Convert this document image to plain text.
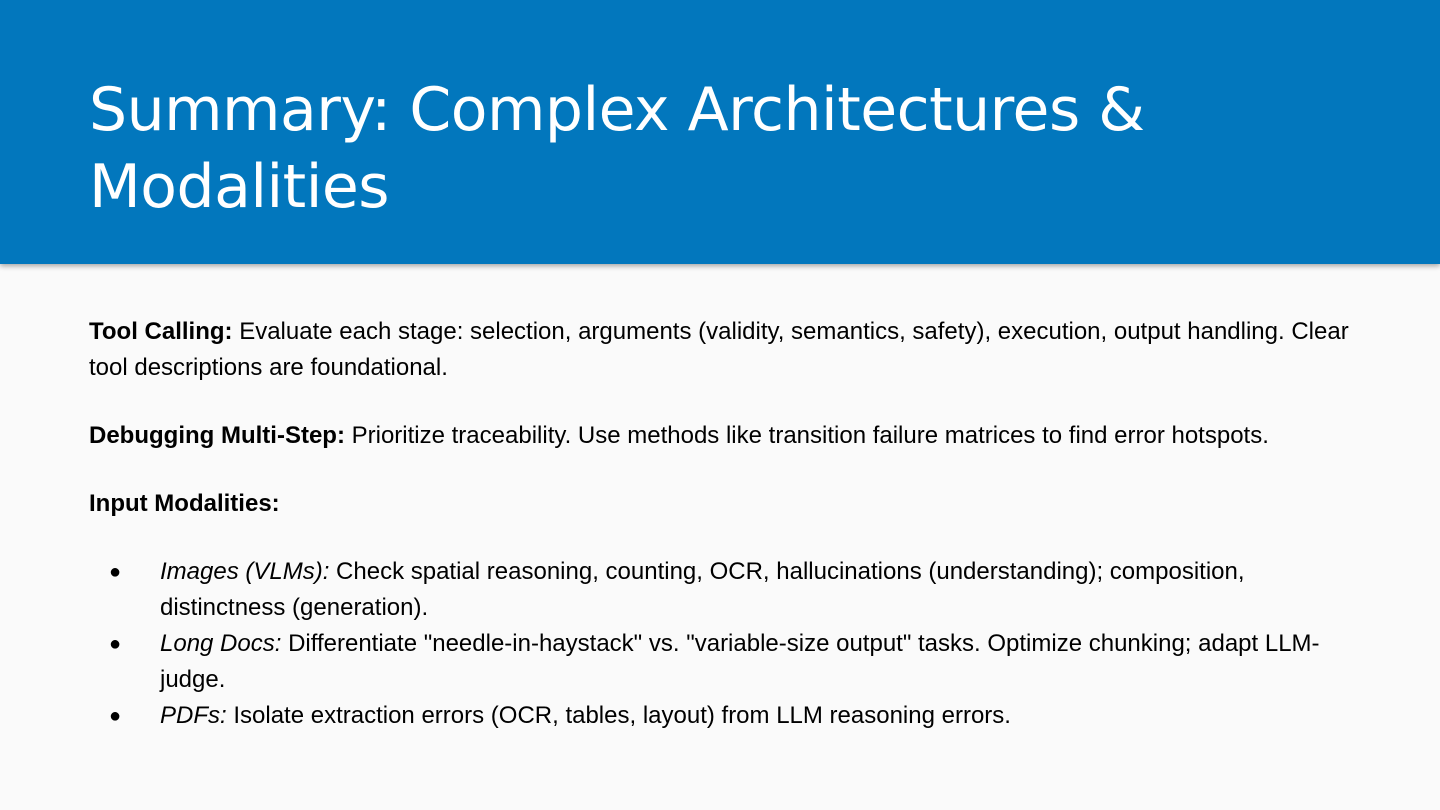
Summary: Complex Architectures & Modalities

Tool Calling: Evaluate each stage: selection, arguments (validity, semantics, safety), execution, output handling. Clear tool descriptions are foundational.

Debugging Multi-Step: Prioritize traceability. Use methods like transition failure matrices to find error hotspots.

Input Modalities:

● Images (VLMs): Check spatial reasoning, counting, OCR, hallucinations (understanding); composition, distinctness (generation).
● Long Docs: Differentiate "needle-in-haystack" vs. "variable-size output" tasks. Optimize chunking; adapt LLM-judge.
● PDFs: Isolate extraction errors (OCR, tables, layout) from LLM reasoning errors.
